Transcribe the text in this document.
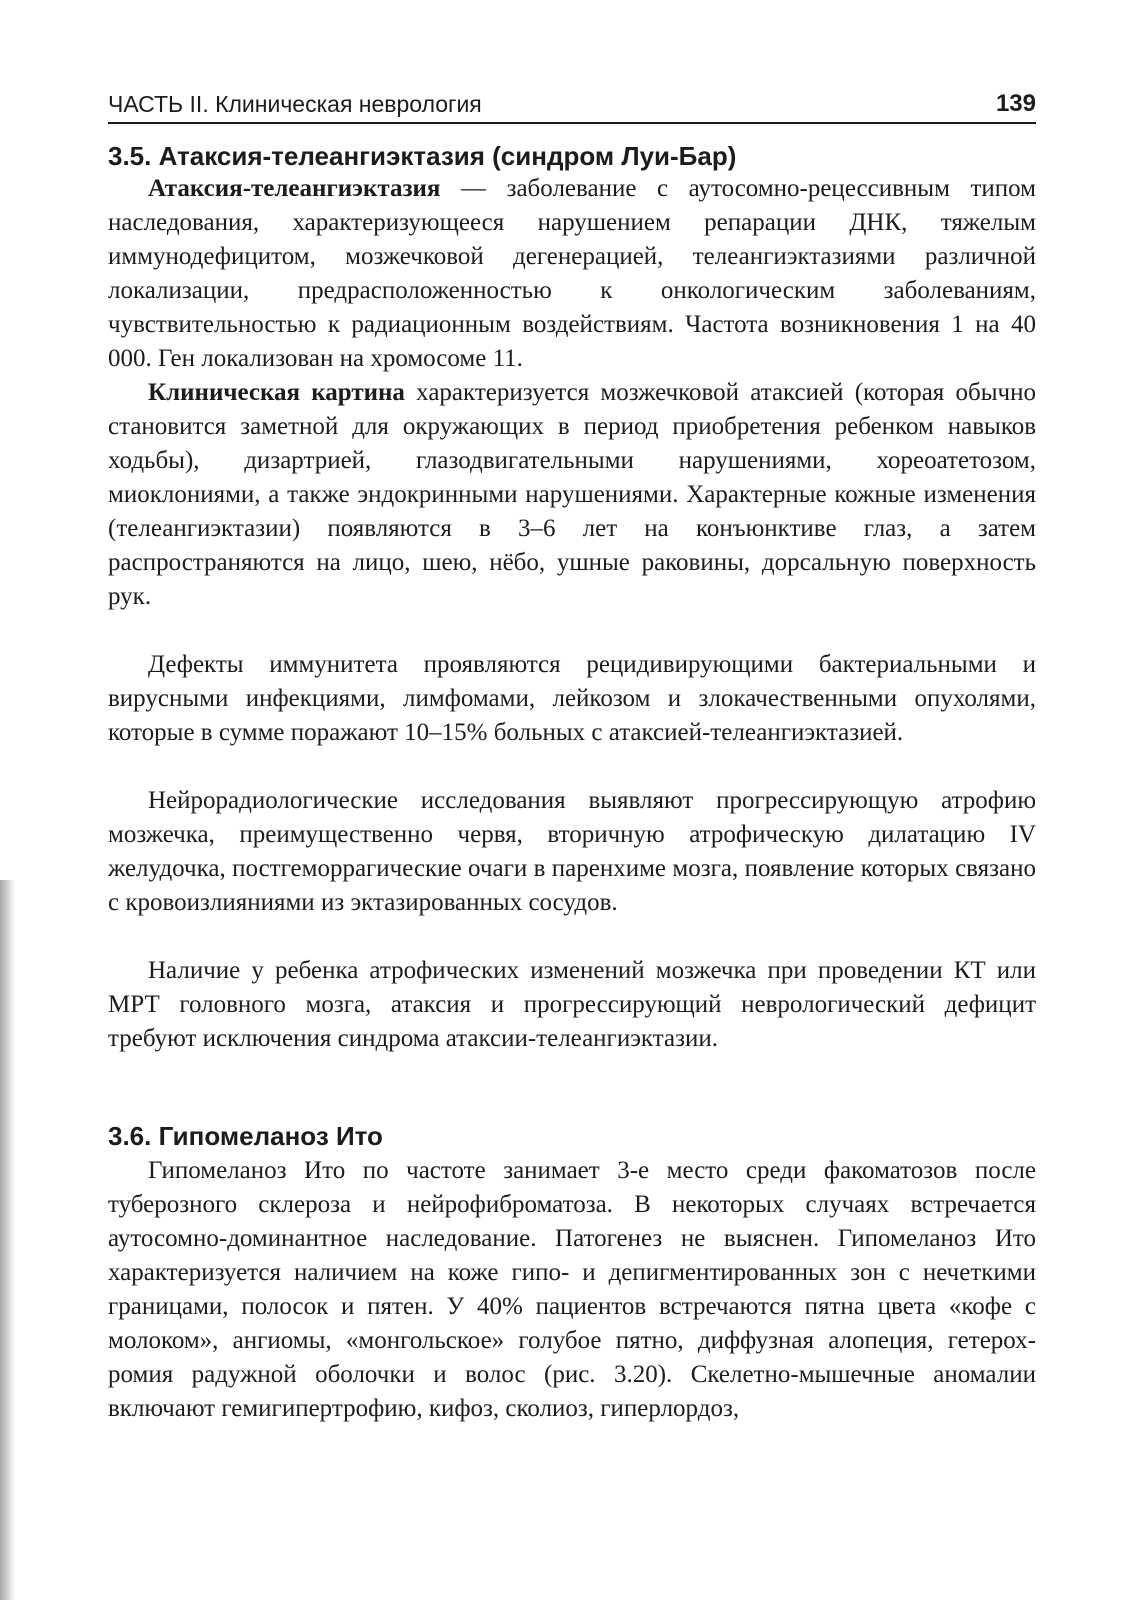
ЧАСТЬ II. Клиническая неврология	139
3.5. Атаксия-телеангиэктазия (синдром Луи-Бар)

Атаксия-телеангиэктазия — заболевание с аутосомно-рецессивным типом наследования, характеризующееся нарушением репарации ДНК, тяжелым иммунодефицитом, мозжечковой дегенерацией, телеангиэктазиями различной локализации, предрасположенностью к онкологическим заболеваниям, чувствительностью к радиационным воздействиям. Частота возникновения 1 на 40 000. Ген локализован на хромосоме 11.

Клиническая картина характеризуется мозжечковой атаксией (которая обычно становится заметной для окружающих в период приобретения ребенком навыков ходьбы), дизартрией, глазодвигательными нарушениями, хореоатетозом, миоклониями, а также эндокринными нарушениями. Характерные кожные изменения (телеангиэктазии) появляются в 3–6 лет на конъюнктиве глаз, а затем распространяются на лицо, шею, нёбо, ушные раковины, дорсальную поверхность рук.

Дефекты иммунитета проявляются рецидивирующими бактериальными и вирусными инфекциями, лимфомами, лейкозом и злокачественными опухолями, которые в сумме поражают 10–15% больных с атаксией-телеангиэктазией.

Нейрорадиологические исследования выявляют прогрессирующую атрофию мозжечка, преимущественно червя, вторичную атрофическую дилатацию IV желудочка, постгеморрагические очаги в паренхиме мозга, появление которых связано с кровоизлияниями из эктазированных сосудов.

Наличие у ребенка атрофических изменений мозжечка при проведении КТ или МРТ головного мозга, атаксия и прогрессирующий неврологический дефицит требуют исключения синдрома атаксии-телеангиэктазии.

3.6. Гипомеланоз Ито

Гипомеланоз Ито по частоте занимает 3-е место среди факоматозов после туберозного склероза и нейрофиброматоза. В некоторых случаях встречается аутосомно-доминантное наследование. Патогенез не выяснен. Гипомеланоз Ито характеризуется наличием на коже гипо- и депигментированных зон с нечеткими границами, полосок и пятен. У 40% пациентов встречаются пятна цвета «кофе с молоком», ангиомы, «монгольское» голубое пятно, диффузная алопеция, гетерохромия радужной оболочки и волос (рис. 3.20). Скелетно-мышечные аномалии включают гемигипертрофию, кифоз, сколиоз, гиперлордоз,
